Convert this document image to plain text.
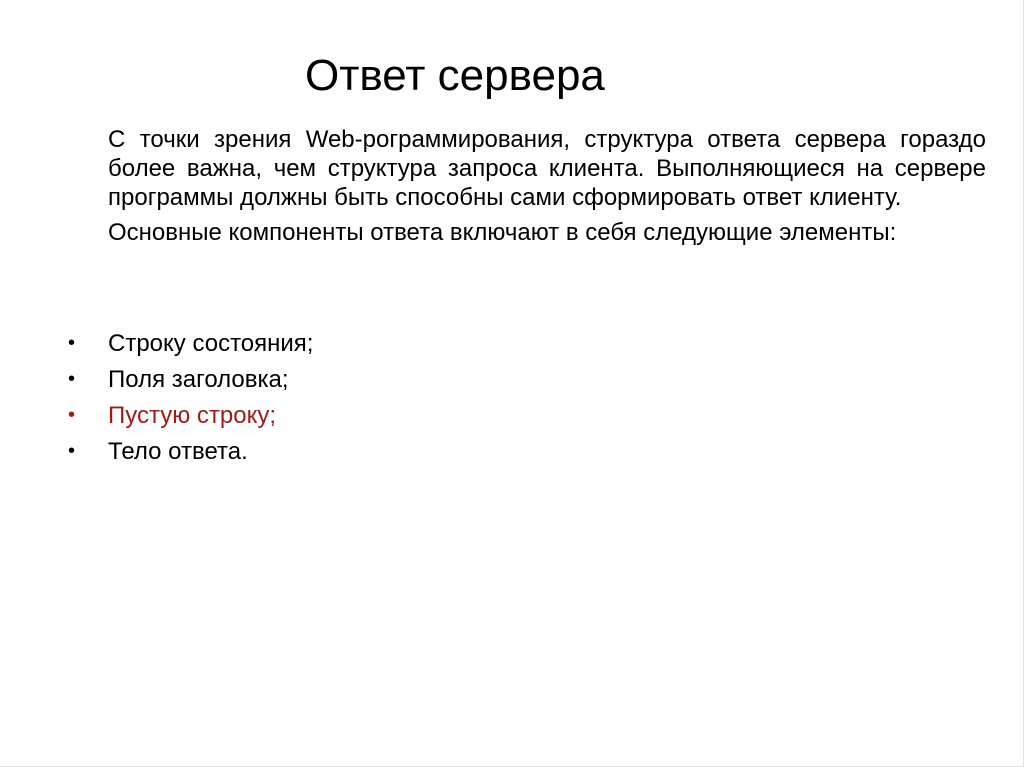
Ответ сервера

С точки зрения Web-рограммирования, структура ответа сервера гораздо более важна, чем структура запроса клиента. Выполняющиеся на сервере программы должны быть способны сами сформировать ответ клиенту.

Основные компоненты ответа включают в себя следующие элементы:

•	Строку состояния;
•	Поля заголовка;
•	Пустую строку;
•	Тело ответа.
